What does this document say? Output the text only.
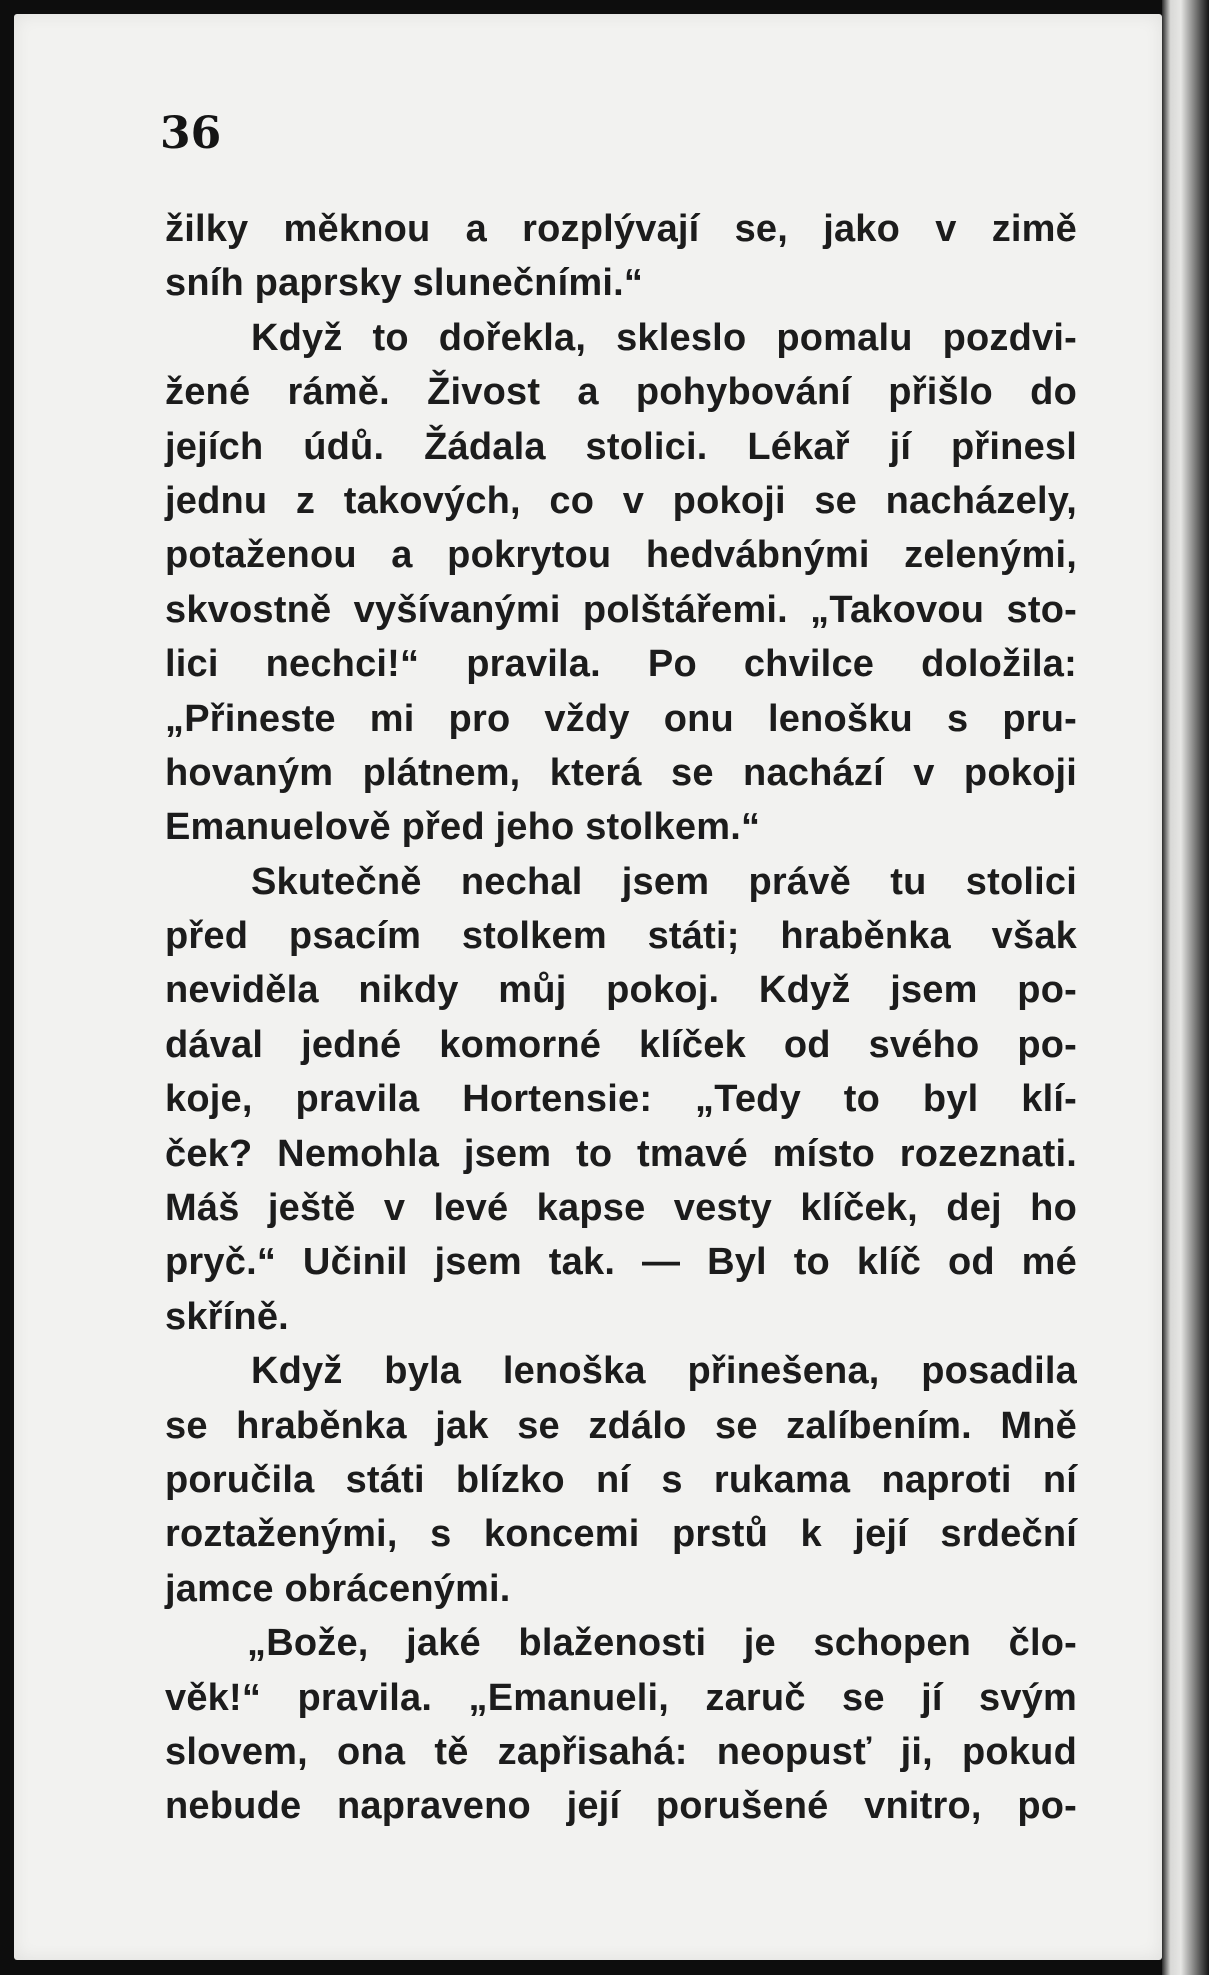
36
žilky měknou a rozplývají se, jako v zimě
sníh paprsky slunečními.“
Když to dořekla, skleslo pomalu pozdvi-
žené rámě. Živost a pohybování přišlo do
jejích údů. Žádala stolici. Lékař jí přinesl
jednu z takových, co v pokoji se nacházely,
potaženou a pokrytou hedvábnými zelenými,
skvostně vyšívanými polštářemi. „Takovou sto-
lici nechci!“ pravila. Po chvilce doložila:
„Přineste mi pro vždy onu lenošku s pru-
hovaným plátnem, která se nachází v pokoji
Emanuelově před jeho stolkem.“
Skutečně nechal jsem právě tu stolici
před psacím stolkem státi; hraběnka však
neviděla nikdy můj pokoj. Když jsem po-
dával jedné komorné klíček od svého po-
koje, pravila Hortensie: „Tedy to byl klí-
ček? Nemohla jsem to tmavé místo rozeznati.
Máš ještě v levé kapse vesty klíček, dej ho
pryč.“ Učinil jsem tak. — Byl to klíč od mé
skříně.
Když byla lenoška přinešena, posadila
se hraběnka jak se zdálo se zalíbením. Mně
poručila státi blízko ní s rukama naproti ní
roztaženými, s koncemi prstů k její srdeční
jamce obrácenými.
„Bože, jaké blaženosti je schopen člo-
věk!“ pravila. „Emanueli, zaruč se jí svým
slovem, ona tě zapřisahá: neopusť ji, pokud
nebude napraveno její porušené vnitro, po-
